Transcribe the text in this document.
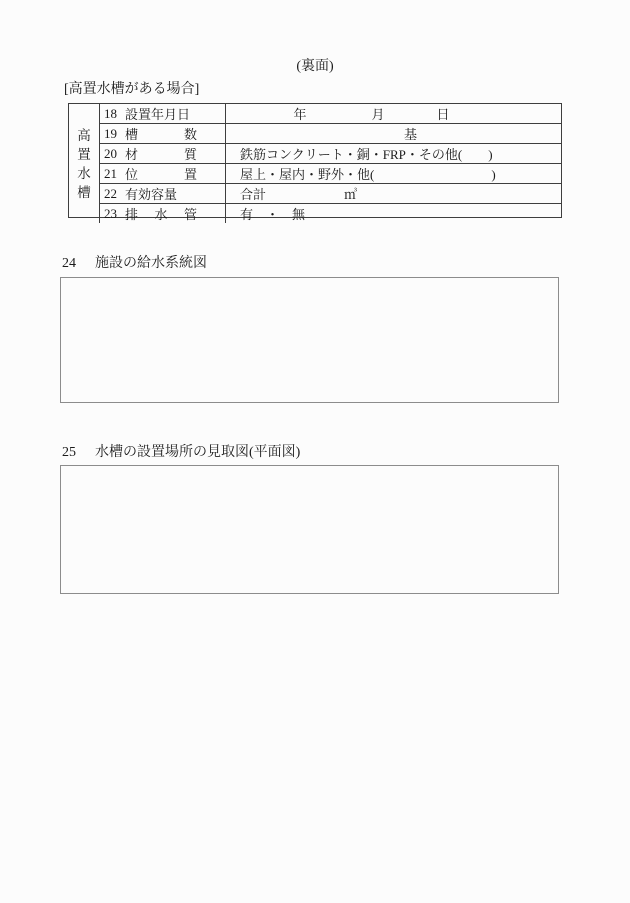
(裏面)
[高置水槽がある場合]
高
置
水
槽
18 設置年月日	年　　　　　月　　　　日
19 槽数	基
20 材質	鉄筋コンクリート・銅・FRP・その他(　　)
21 位置	屋上・屋内・野外・他(　　　　　　　　　)
22 有効容量	合計　　　　　　㎥
23 排水管	有　・　無
24 施設の給水系統図
25 水槽の設置場所の見取図(平面図)
